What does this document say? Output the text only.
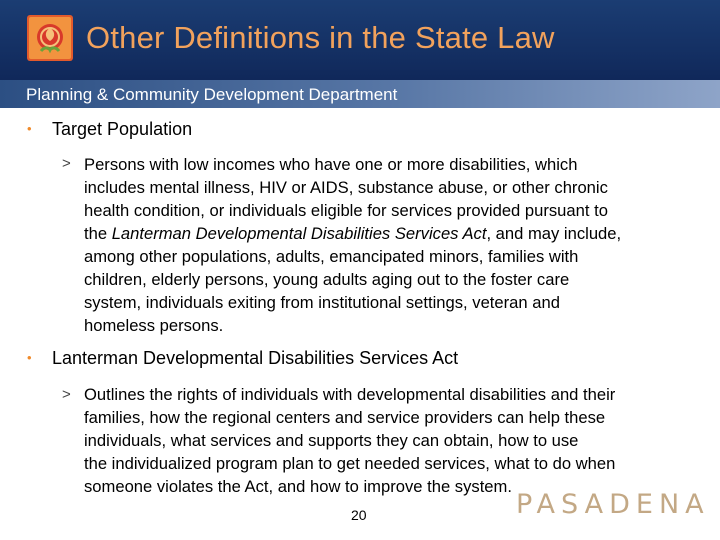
Other Definitions in the State Law
Planning & Community Development Department
• Target Population
> Persons with low incomes who have one or more disabilities, which
includes mental illness, HIV or AIDS, substance abuse, or other chronic
health condition, or individuals eligible for services provided pursuant to
the Lanterman Developmental Disabilities Services Act, and may include,
among other populations, adults, emancipated minors, families with
children, elderly persons, young adults aging out to the foster care
system, individuals exiting from institutional settings, veteran and
homeless persons.
• Lanterman Developmental Disabilities Services Act
> Outlines the rights of individuals with developmental disabilities and their
families, how the regional centers and service providers can help these
individuals, what services and supports they can obtain, how to use
the individualized program plan to get needed services, what to do when
someone violates the Act, and how to improve the system.
PASADENA
20
